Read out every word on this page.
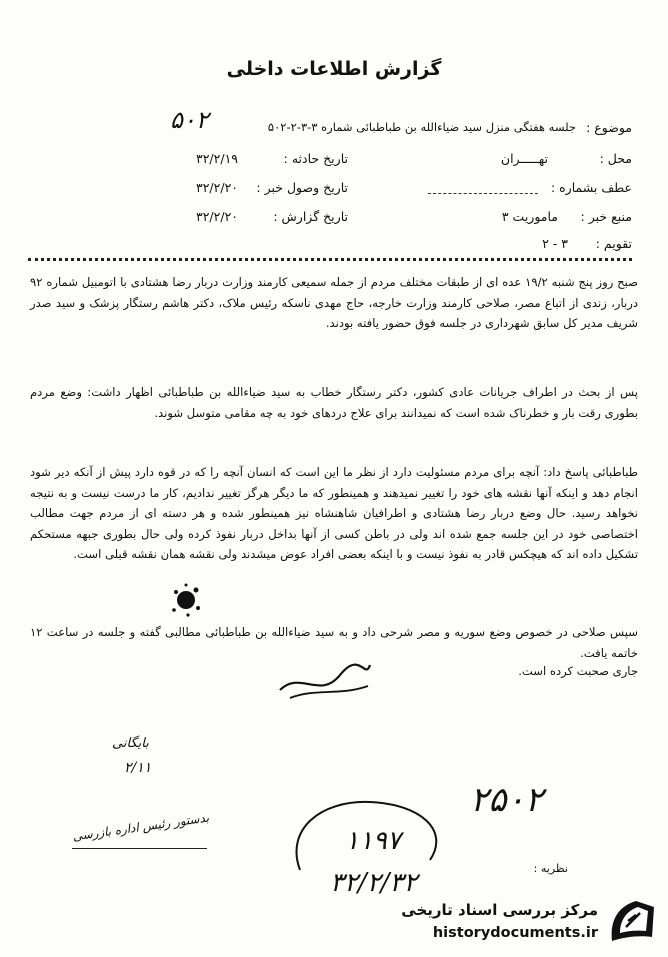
گزارش اطلاعات داخلی
موضوع :
جلسه هفتگی منزل سید ضیاءالله بن طباطبائی شماره ۳-۳-۲-۵۰۲
۵۰۲
محل :
تهـــــران
تاریخ حادثه :
۳۲/۲/۱۹
عطف بشماره :
تاریخ وصول خبر :
۳۲/۲/۲۰
منبع خبر :
ماموریت ۳
تاریخ گزارش :
۳۲/۲/۲۰
تقویم :
۳ - ۲
صبح روز پنج شنبه ۱۹/۲ عده ای از طبقات مختلف مردم از جمله سمیعی کارمند وزارت دربار رضا هشتادی با اتومبیل شماره ۹۲ دربار، زندی از اتباع مصر، صلاحی کارمند وزارت خارجه، حاج مهدی ناسکه رئیس ملاک، دکتر هاشم رستگار پزشک و سید صدر شریف مدیر کل سابق شهرداری در جلسه فوق حضور یافته بودند.
پس از بحث در اطراف جریانات عادی کشور، دکتر رستگار خطاب به سید ضیاءالله بن طباطبائی اظهار داشت: وضع مردم بطوری رقت بار و خطرناک شده است که نمیدانند برای علاج دردهای خود به چه مقامی متوسل شوند.
طباطبائی پاسخ داد: آنچه برای مردم مسئولیت دارد از نظر ما این است که انسان آنچه را که در قوه دارد پیش از آنکه دیر شود انجام دهد و اینکه آنها نقشه های خود را تغییر نمیدهند و همینطور که ما دیگر هرگز تغییر ندادیم، کار ما درست نیست و به نتیجه نخواهد رسید. حال وضع دربار رضا هشتادی و اطرافیان شاهنشاه نیز همینطور شده و هر دسته ای از مردم جهت مطالب اختصاصی خود در این جلسه جمع شده اند ولی در باطن کسی از آنها بداخل دربار نفوذ کرده ولی حال بطوری جبهه مستحکم تشکیل داده اند که هیچکس قادر به نفوذ نیست و با اینکه بعضی افراد عوض میشدند ولی نقشه همان نقشه قبلی است.
سپس صلاحی در خصوص وضع سوریه و مصر شرحی داد و به سید ضیاءالله بن طباطبائی مطالبی گفته و جلسه در ساعت ۱۲ خاتمه یافت.
جاری صحبت کرده است.
بایگانی
۲/۱۱
بدستور رئیس اداره بازرسی
۲۵۰۲
۱۱۹۷
۳۲/۲/۳۲	نظریه :
مرکز بررسی اسناد تاریخی
historydocuments.ir
